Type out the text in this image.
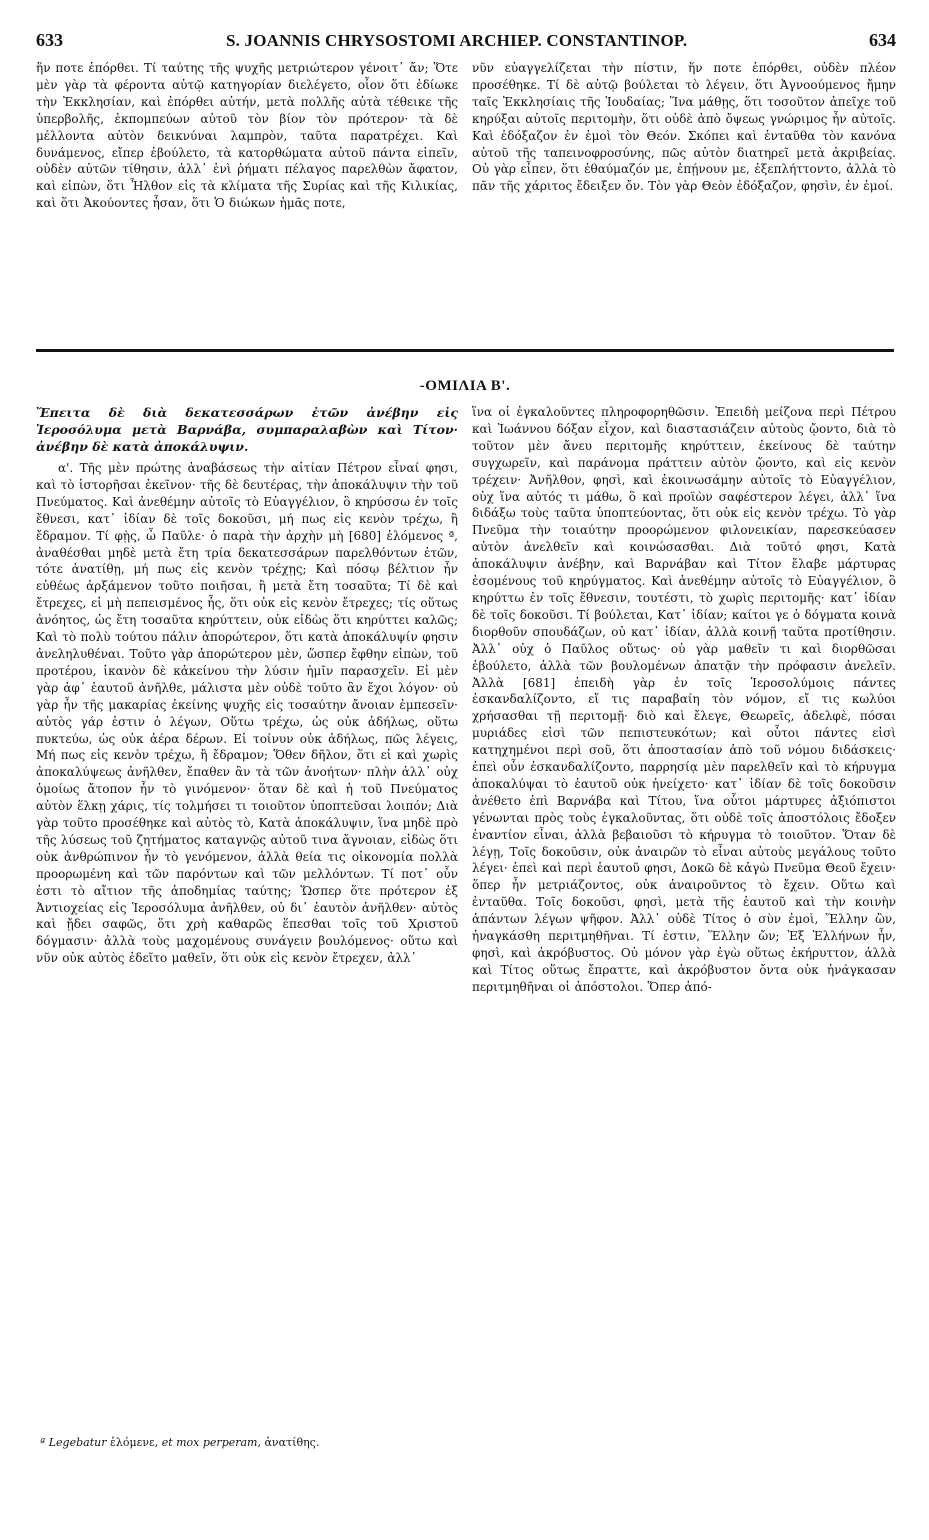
633	S. JOANNIS CHRYSOSTOMI ARCHIEP. CONSTANTINOP.	634

ἥν ποτε ἐπόρθει. Τί ταύτης τῆς ψυχῆς μετριώτερον γένοιτ᾽ ἄν; Ὅτε μὲν γὰρ τὰ φέροντα αὐτῷ κατηγορίαν διελέγετο, οἷον ὅτι ἐδίωκε τὴν Ἐκκλησίαν, καὶ ἐπόρθει αὐτήν, μετὰ πολλῆς αὐτὰ τέθεικε τῆς ὑπερβολῆς, ἐκπομπεύων αὐτοῦ τὸν βίον τὸν πρότερον· τὰ δὲ μέλλοντα αὐτὸν δεικνύναι λαμπρὸν, ταῦτα παρατρέχει. Καὶ δυνάμενος, εἴπερ ἐβούλετο, τὰ κατορθώματα αὐτοῦ πάντα εἰπεῖν, οὐδὲν αὐτῶν τίθησιν, ἀλλ᾽ ἑνὶ ῥήματι πέλαγος παρελθὼν ἄφατον, καὶ εἰπὼν, ὅτι Ἦλθον εἰς τὰ κλίματα τῆς Συρίας καὶ τῆς Κιλικίας, καὶ ὅτι Ἀκούοντες ἦσαν, ὅτι Ὁ διώκων ἡμᾶς ποτε,

νῦν εὐαγγελίζεται τὴν πίστιν, ἥν ποτε ἐπόρθει, οὐδὲν πλέον προσέθηκε. Τί δὲ αὐτῷ βούλεται τὸ λέγειν, ὅτι Ἀγνοούμενος ἤμην ταῖς Ἐκκλησίαις τῆς Ἰουδαίας; Ἵνα μάθῃς, ὅτι τοσοῦτον ἀπεῖχε τοῦ κηρύξαι αὐτοῖς περιτομὴν, ὅτι οὐδὲ ἀπὸ ὄψεως γνώριμος ἦν αὐτοῖς. Καὶ ἐδόξαζον ἐν ἐμοὶ τὸν Θεόν. Σκόπει καὶ ἐνταῦθα τὸν κανόνα αὐτοῦ τῆς ταπεινοφροσύνης, πῶς αὐτὸν διατηρεῖ μετὰ ἀκριβείας. Οὐ γὰρ εἶπεν, ὅτι ἐθαύμαζόν με, ἐπῄνουν με, ἐξεπλήττοντο, ἀλλὰ τὸ πᾶν τῆς χάριτος ἔδειξεν ὄν. Τὸν γὰρ Θεὸν ἐδόξαζον, φησὶν, ἐν ἐμοί.

-ΟΜΙΛΙΑ Β'.
Ἔπειτα δὲ διὰ δεκατεσσάρων ἐτῶν ἀνέβην εἰς Ἱεροσόλυμα μετὰ Βαρνάβα, συμπαραλαβὼν καὶ Τίτον· ἀνέβην δὲ κατὰ ἀποκάλυψιν.

α'. Τῆς μὲν πρώτης ἀναβάσεως τὴν αἰτίαν Πέτρον εἶναί φησι, καὶ τὸ ἱστορῆσαι ἐκεῖνον· τῆς δὲ δευτέρας, τὴν ἀποκάλυψιν τὴν τοῦ Πνεύματος. Καὶ ἀνεθέμην αὐτοῖς τὸ Εὐαγγέλιον, ὃ κηρύσσω ἐν τοῖς ἔθνεσι, κατ᾽ ἰδίαν δὲ τοῖς δοκοῦσι, μή πως εἰς κενὸν τρέχω, ἢ ἔδραμον. Τί φῂς, ὦ Παῦλε· ὁ παρὰ τὴν ἀρχὴν μὴ [680] ἑλόμενος ª, ἀναθέσθαι μηδὲ μετὰ ἔτη τρία δεκατεσσάρων παρελθόντων ἐτῶν, τότε ἀνατίθῃ, μή πως εἰς κενὸν τρέχῃς; Καὶ πόσῳ βέλτιον ἦν εὐθέως ἀρξάμενον τοῦτο ποιῆσαι, ἢ μετὰ ἔτη τοσαῦτα; Τί δὲ καὶ ἔτρεχες, εἰ μὴ πεπεισμένος ἦς, ὅτι οὐκ εἰς κενὸν ἔτρεχες; τίς οὕτως ἀνόητος, ὡς ἔτη τοσαῦτα κηρύττειν, οὐκ εἰδὼς ὅτι κηρύττει καλῶς; Καὶ τὸ πολὺ τούτου πάλιν ἀπορώτερον, ὅτι κατὰ ἀποκάλυψίν φησιν ἀνεληλυθέναι. Τοῦτο γὰρ ἀπορώτερον μὲν, ὥσπερ ἔφθην εἰπὼν, τοῦ προτέρου, ἱκανὸν δὲ κἀκείνου τὴν λύσιν ἡμῖν παρασχεῖν. Εἰ μὲν γὰρ ἀφ᾽ ἑαυτοῦ ἀνῆλθε, μάλιστα μὲν οὐδὲ τοῦτο ἂν ἔχοι λόγον· οὐ γὰρ ἦν τῆς μακαρίας ἐκείνης ψυχῆς εἰς τοσαύτην ἄνοιαν ἐμπεσεῖν· αὐτὸς γάρ ἐστιν ὁ λέγων, Οὕτω τρέχω, ὡς οὐκ ἀδήλως, οὕτω πυκτεύω, ὡς οὐκ ἀέρα δέρων. Εἰ τοίνυν οὐκ ἀδήλως, πῶς λέγεις, Μή πως εἰς κενὸν τρέχω, ἢ ἔδραμον; Ὅθεν δῆλον, ὅτι εἰ καὶ χωρὶς ἀποκαλύψεως ἀνῆλθεν, ἔπαθεν ἂν τὰ τῶν ἀνοήτων· πλὴν ἀλλ᾽ οὐχ ὁμοίως ἄτοπον ἦν τὸ γινόμενον· ὅταν δὲ καὶ ἡ τοῦ Πνεύματος αὐτὸν ἕλκῃ χάρις, τίς τολμήσει τι τοιοῦτον ὑποπτεῦσαι λοιπόν; Διὰ γὰρ τοῦτο προσέθηκε καὶ αὐτὸς τὸ, Κατὰ ἀποκάλυψιν, ἵνα μηδὲ πρὸ τῆς λύσεως τοῦ ζητήματος καταγνῷς αὐτοῦ τινα ἄγνοιαν, εἰδὼς ὅτι οὐκ ἀνθρώπινον ἦν τὸ γενόμενον, ἀλλὰ θεία τις οἰκονομία πολλὰ προορωμένη καὶ τῶν παρόντων καὶ τῶν μελλόντων. Τί ποτ᾽ οὖν ἐστι τὸ αἴτιον τῆς ἀποδημίας ταύτης; Ὥσπερ ὅτε πρότερον ἐξ Ἀντιοχείας εἰς Ἱεροσόλυμα ἀνῆλθεν, οὐ δι᾽ ἑαυτὸν ἀνῆλθεν· αὐτὸς καὶ ᾔδει σαφῶς, ὅτι χρὴ καθαρῶς ἕπεσθαι τοῖς τοῦ Χριστοῦ δόγμασιν· ἀλλὰ τοὺς μαχομένους συνάγειν βουλόμενος· οὕτω καὶ νῦν οὐκ αὐτὸς ἐδεῖτο μαθεῖν, ὅτι οὐκ εἰς κενὸν ἔτρεχεν, ἀλλ᾽

ἵνα οἱ ἐγκαλοῦντες πληροφορηθῶσιν. Ἐπειδὴ μείζονα περὶ Πέτρου καὶ Ἰωάννου δόξαν εἶχον, καὶ διαστασιάζειν αὐτοὺς ᾤοντο, διὰ τὸ τοῦτον μὲν ἄνευ περιτομῆς κηρύττειν, ἐκείνους δὲ ταύτην συγχωρεῖν, καὶ παράνομα πράττειν αὐτὸν ᾤοντο, καὶ εἰς κενὸν τρέχειν· Ἀνῆλθον, φησὶ, καὶ ἐκοινωσάμην αὐτοῖς τὸ Εὐαγγέλιον, οὐχ ἵνα αὐτός τι μάθω, ὃ καὶ προϊὼν σαφέστερον λέγει, ἀλλ᾽ ἵνα διδάξω τοὺς ταῦτα ὑποπτεύοντας, ὅτι οὐκ εἰς κενὸν τρέχω. Τὸ γὰρ Πνεῦμα τὴν τοιαύτην προορώμενον φιλονεικίαν, παρεσκεύασεν αὐτὸν ἀνελθεῖν καὶ κοινώσασθαι. Διὰ τοῦτό φησι, Κατὰ ἀποκάλυψιν ἀνέβην, καὶ Βαρνάβαν καὶ Τίτον ἔλαβε μάρτυρας ἐσομένους τοῦ κηρύγματος. Καὶ ἀνεθέμην αὐτοῖς τὸ Εὐαγγέλιον, ὃ κηρύττω ἐν τοῖς ἔθνεσιν, τουτέστι, τὸ χωρὶς περιτομῆς· κατ᾽ ἰδίαν δὲ τοῖς δοκοῦσι. Τί βούλεται, Κατ᾽ ἰδίαν; καίτοι γε ὁ δόγματα κοινὰ διορθοῦν σπουδάζων, οὐ κατ᾽ ἰδίαν, ἀλλὰ κοινῇ ταῦτα προτίθησιν. Ἀλλ᾽ οὐχ ὁ Παῦλος οὕτως· οὐ γὰρ μαθεῖν τι καὶ διορθῶσαι ἐβούλετο, ἀλλὰ τῶν βουλομένων ἀπατᾷν τὴν πρόφασιν ἀνελεῖν. Ἀλλὰ [681] ἐπειδὴ γὰρ ἐν τοῖς Ἱεροσολύμοις πάντες ἐσκανδαλίζοντο, εἴ τις παραβαίη τὸν νόμον, εἴ τις κωλύοι χρήσασθαι τῇ περιτομῇ· διὸ καὶ ἔλεγε, Θεωρεῖς, ἀδελφὲ, πόσαι μυριάδες εἰσὶ τῶν πεπιστευκότων; καὶ οὗτοι πάντες εἰσὶ κατηχημένοι περὶ σοῦ, ὅτι ἀποστασίαν ἀπὸ τοῦ νόμου διδάσκεις· ἐπεὶ οὖν ἐσκανδαλίζοντο, παρρησίᾳ μὲν παρελθεῖν καὶ τὸ κήρυγμα ἀποκαλύψαι τὸ ἑαυτοῦ οὐκ ἠνείχετο· κατ᾽ ἰδίαν δὲ τοῖς δοκοῦσιν ἀνέθετο ἐπὶ Βαρνάβα καὶ Τίτου, ἵνα οὗτοι μάρτυρες ἀξιόπιστοι γένωνται πρὸς τοὺς ἐγκαλοῦντας, ὅτι οὐδὲ τοῖς ἀποστόλοις ἔδοξεν ἐναντίον εἶναι, ἀλλὰ βεβαιοῦσι τὸ κήρυγμα τὸ τοιοῦτον. Ὅταν δὲ λέγῃ, Τοῖς δοκοῦσιν, οὐκ ἀναιρῶν τὸ εἶναι αὐτοὺς μεγάλους τοῦτο λέγει· ἐπεὶ καὶ περὶ ἑαυτοῦ φησι, Δοκῶ δὲ κἀγὼ Πνεῦμα Θεοῦ ἔχειν· ὅπερ ἦν μετριάζοντος, οὐκ ἀναιροῦντος τὸ ἔχειν. Οὕτω καὶ ἐνταῦθα. Τοῖς δοκοῦσι, φησὶ, μετὰ τῆς ἑαυτοῦ καὶ τὴν κοινὴν ἁπάντων λέγων ψῆφον. Ἀλλ᾽ οὐδὲ Τίτος ὁ σὺν ἐμοὶ, Ἕλλην ὢν, ἠναγκάσθη περιτμηθῆναι. Τί ἐστιν, Ἕλλην ὤν; Ἐξ Ἑλλήνων ἦν, φησὶ, καὶ ἀκρόβυστος. Οὐ μόνον γὰρ ἐγὼ οὕτως ἐκήρυττον, ἀλλὰ καὶ Τίτος οὕτως ἔπραττε, καὶ ἀκρόβυστον ὄντα οὐκ ἠνάγκασαν περιτμηθῆναι οἱ ἀπόστολοι. Ὅπερ ἀπό-

ª Legebatur ἑλόμενε, et mox perperam, ἀνατίθης.
